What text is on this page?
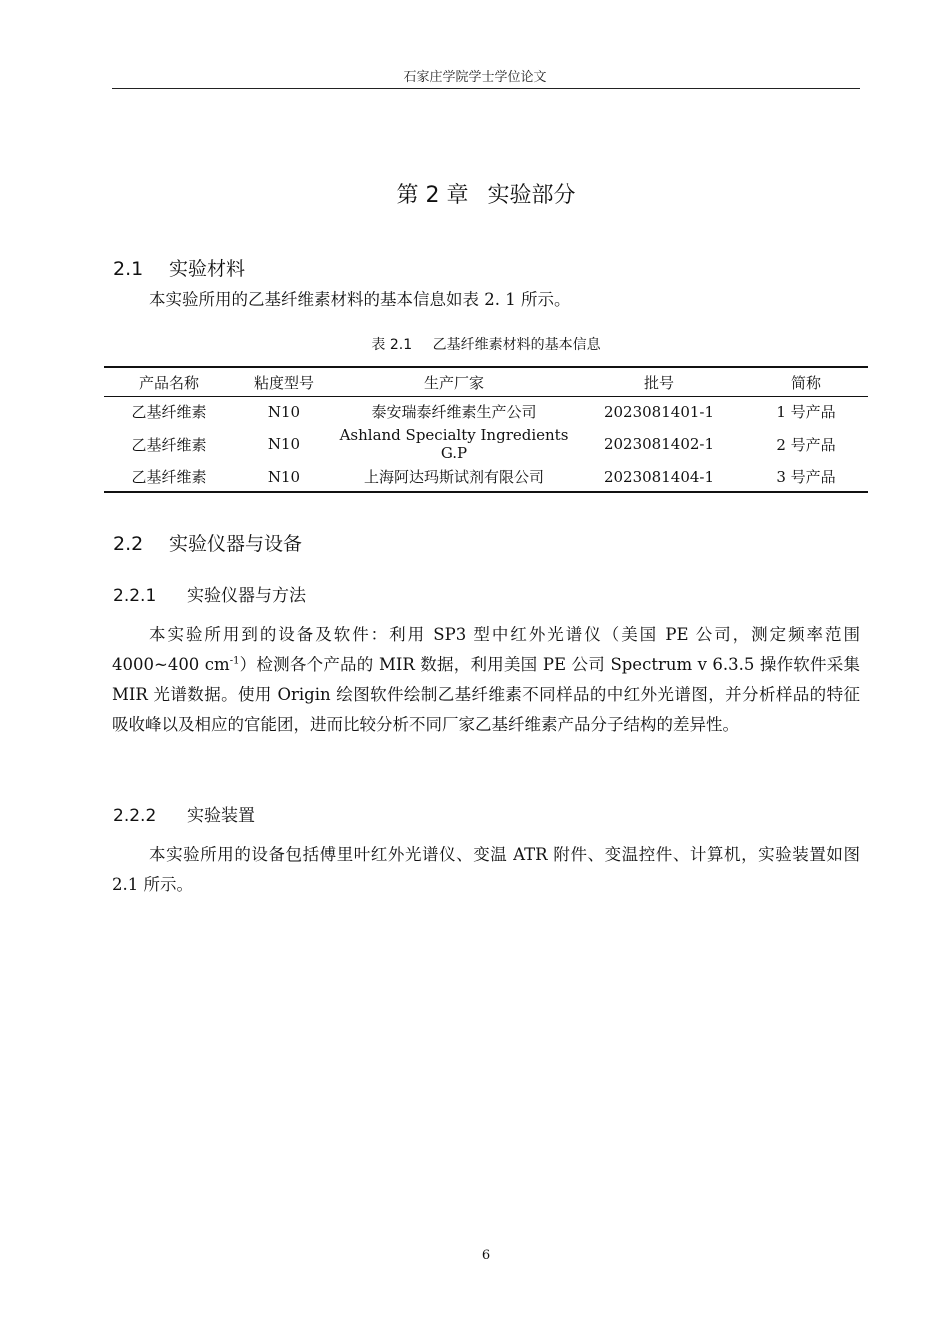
石家庄学院学士学位论文
第 2 章 实验部分
2.1 实验材料

本实验所用的乙基纤维素材料的基本信息如表 2. 1 所示。

表 2.1 乙基纤维素材料的基本信息
产品名称	粘度型号	生产厂家	批号	简称
乙基纤维素	N10	泰安瑞泰纤维素生产公司	2023081401-1	1 号产品
乙基纤维素	N10	Ashland Specialty Ingredients G.P	2023081402-1	2 号产品
乙基纤维素	N10	上海阿达玛斯试剂有限公司	2023081404-1	3 号产品
2.2 实验仪器与设备
2.2.1 实验仪器与方法

本实验所用到的设备及软件：利用 SP3 型中红外光谱仪（美国 PE 公司，测定频率范围 4000~400 $cm^{-1}$）检测各个产品的 MIR 数据，利用美国 PE 公司 Spectrum v 6.3.5 操作软件采集 MIR 光谱数据。使用 Origin 绘图软件绘制乙基纤维素不同样品的中红外光谱图，并分析样品的特征吸收峰以及相应的官能团，进而比较分析不同厂家乙基纤维素产品分子结构的差异性。

2.2.2 实验装置

本实验所用的设备包括傅里叶红外光谱仪、变温 ATR 附件、变温控件、计算机，实验装置如图 2.1 所示。

6
